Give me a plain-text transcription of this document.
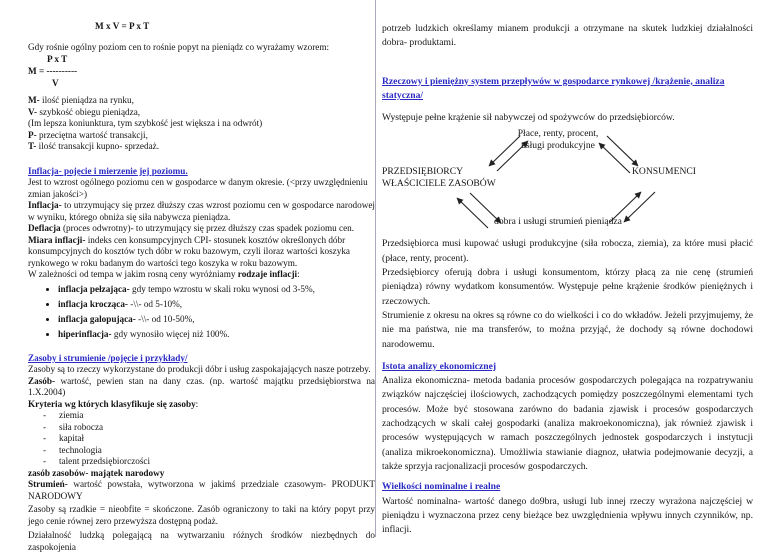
M x V = P x T

Gdy rośnie ogólny poziom cen to rośnie popyt na pieniądz co wyrażamy wzorem:

P x T
M = ----------
V

M- ilość pieniądza na rynku,

V- szybkość obiegu pieniądza,

(Im lepsza koniunktura, tym szybkość jest większa i na odwrót)

P- przeciętna wartość transakcji,

T- ilość transakcji kupno- sprzedaż.

Inflacja- pojęcie i mierzenie jej poziomu.

Jest to wzrost ogólnego poziomu cen w gospodarce w danym okresie. (<przy uwzględnieniu zmian jakości>)

Inflacja- to utrzymujący się przez dłuższy czas wzrost poziomu cen w gospodarce narodowej w wyniku, którego obniża się siła nabywcza pieniądza.

Deflacja (proces odwrotny)- to utrzymujący się przez dłuższy czas spadek poziomu cen.

Miara inflacji- indeks cen konsumpcyjnych CPI- stosunek kosztów określonych dóbr konsumpcyjnych do kosztów tych dóbr w roku bazowym, czyli iloraz wartości koszyka rynkowego w roku badanym do wartości tego koszyka w roku bazowym.

W zależności od tempa w jakim rosną ceny wyróżniamy rodzaje inflacji:

• inflacja pełzająca- gdy tempo wzrostu w skali roku wynosi od 3-5%,
• inflacja krocząca- -\\- od 5-10%,
• inflacja galopująca- -\\- od 10-50%,
• hiperinflacja- gdy wynosiło więcej niż 100%.

Zasoby i strumienie /pojęcie i przykłady/

Zasoby są to rzeczy wykorzystane do produkcji dóbr i usług zaspokajających nasze potrzeby.

Zasób- wartość, pewien stan na dany czas. (np. wartość majątku przedsiębiorstwa na 1.X.2004)

Kryteria wg których klasyfikuje się zasoby:

-	ziemia
-	siła robocza
-	kapitał
-	technologia
-	talent przedsiębiorczości

zasób zasobów- majątek narodowy

Strumień- wartość powstała, wytworzona w jakimś przedziale czasowym- PRODUKT NARODOWY

Zasoby są rzadkie = nieobfite = skończone. Zasób ograniczony to taki na który popyt przy jego cenie równej zero przewyższa dostępną podaż.

Działalność ludzką polegającą na wytwarzaniu różnych środków niezbędnych do zaspokojenia

potrzeb ludzkich określamy mianem produkcji a otrzymane na skutek ludzkiej działalności dobra- produktami.

Rzeczowy i pieniężny system przepływów w gospodarce rynkowej /krążenie, analiza
statyczna/

Występuje pełne krążenie sił nabywczej od spożywców do przedsiębiorców.

Płace, renty, procent,
usługi produkcyjne
PRZEDSIĘBIORCY
WŁAŚCICIELE ZASOBÓW
KONSUMENCI
dobra i usługi strumień pieniądza

Przedsiębiorca musi kupować usługi produkcyjne (siła robocza, ziemia), za które musi płacić (płace, renty, procent).

Przedsiębiorcy oferują dobra i usługi konsumentom, którzy płacą za nie cenę (strumień pieniądza) równy wydatkom konsumentów. Występuje pełne krążenie środków pieniężnych i rzeczowych.

Strumienie z okresu na okres są równe co do wielkości i co do wkładów. Jeżeli przyjmujemy, że nie ma państwa, nie ma transferów, to można przyjąć, że dochody są równe dochodowi narodowemu.

Istota analizy ekonomicznej

Analiza ekonomiczna- metoda badania procesów gospodarczych polegająca na rozpatrywaniu związków najczęściej ilościowych, zachodzących pomiędzy poszczególnymi elementami tych procesów. Może być stosowana zarówno do badania zjawisk i procesów gospodarczych zachodzących w skali całej gospodarki (analiza makroekonomiczna), jak również zjawisk i procesów występujących w ramach poszczególnych jednostek gospodarczych i instytucji (analiza mikroekonomiczna). Umożliwia stawianie diagnoz, ułatwia podejmowanie decyzji, a także sprzyja racjonalizacji procesów gospodarczych.

Wielkości nominalne i realne

Wartość nominalna- wartość danego do9bra, usługi lub innej rzeczy wyrażona najczęściej w pieniądzu i wyznaczona przez ceny bieżące bez uwzględnienia wpływu innych czynników, np. inflacji.
